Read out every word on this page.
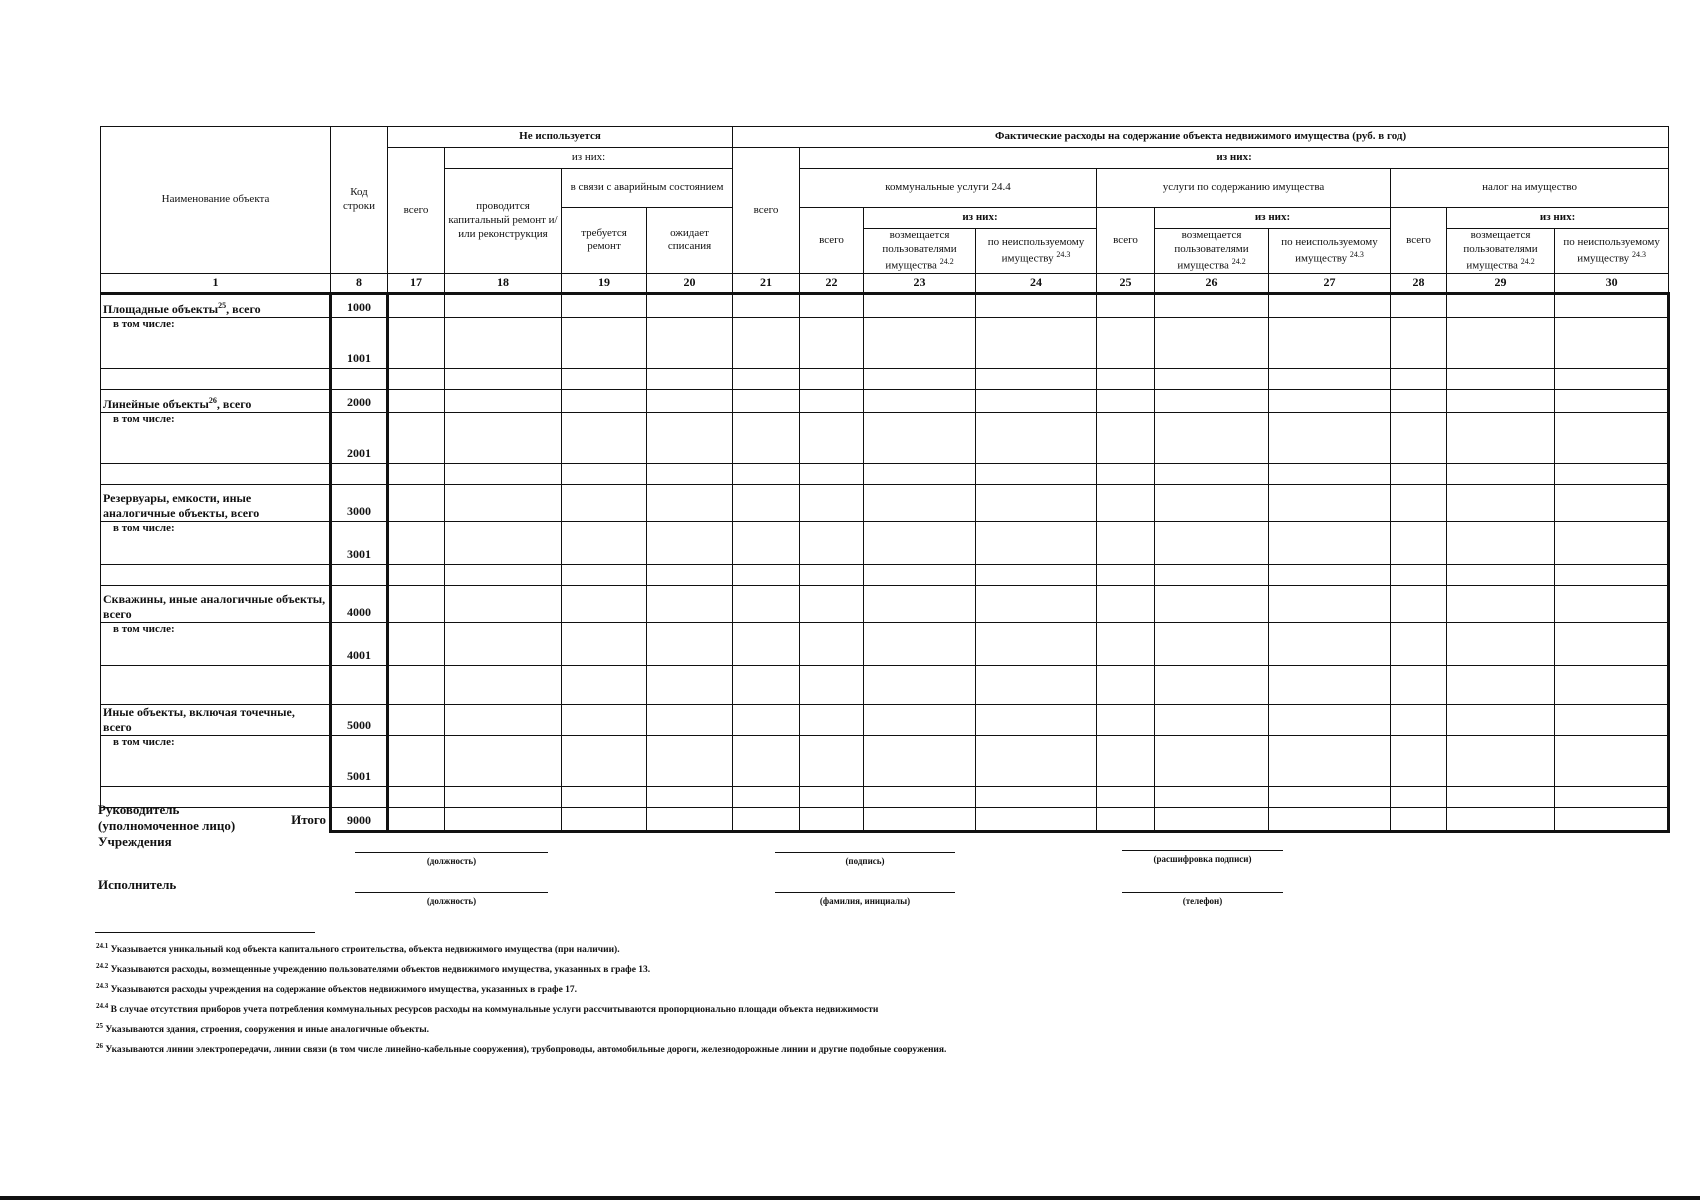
Наименование объекта	Код строки	Не используется				Фактические расходы на содержание объекта недвижимого имущества (руб. в год)									
		всего	из них:			всего	из них:								
			проводится капитальный ремонт и/или реконструкция	в связи с аварийным состоянием			коммунальные услуги 24.4			услуги по содержанию имущества			налог на имущество		
				требуется ремонт	ожидает списания		всего	из них:		всего	из них:		всего	из них:	
								возмещается пользователями имущества $^{24.2}$	по неиспользуемому имуществу $^{24.3}$		возмещается пользователями имущества $^{24.2}$	по неиспользуемому имуществу $^{24.3}$		возмещается пользователями имущества $^{24.2}$	по неиспользуемому имуществу $^{24.3}$
1	8	17	18	19	20	21	22	23	24	25	26	27	28	29	30
Площадные объекты$^{25}$, всего	1000														
в том числе:	1001														

Линейные объекты$^{26}$, всего	2000														
в том числе:	2001														

Резервуары, емкости, иные аналогичные объекты, всего	3000														
в том числе:	3001														

Скважины, иные аналогичные объекты, всего	4000														
в том числе:	4001														

Иные объекты, включая точечные, всего	5000														
в том числе:	5001														

Итого	9000														
Руководитель
(уполномоченное лицо)
Учреждения
Исполнитель
(должность)	(подпись)	(расшифровка подписи)
(должность)	(фамилия, инициалы)	(телефон)
$^{24.1}$ Указывается уникальный код объекта капитального строительства, объекта недвижимого имущества (при наличии).
$^{24.2}$ Указываются расходы, возмещенные учреждению пользователями объектов недвижимого имущества, указанных в графе 13.
$^{24.3}$ Указываются расходы учреждения на содержание объектов недвижимого имущества, указанных в графе 17.
$^{24.4}$ В случае отсутствия приборов учета потребления коммунальных ресурсов расходы на коммунальные услуги рассчитываются пропорционально площади объекта недвижимости
$^{25}$ Указываются здания, строения, сооружения и иные аналогичные объекты.
$^{26}$ Указываются линии электропередачи, линии связи (в том числе линейно-кабельные сооружения), трубопроводы, автомобильные дороги, железнодорожные линии и другие подобные сооружения.
